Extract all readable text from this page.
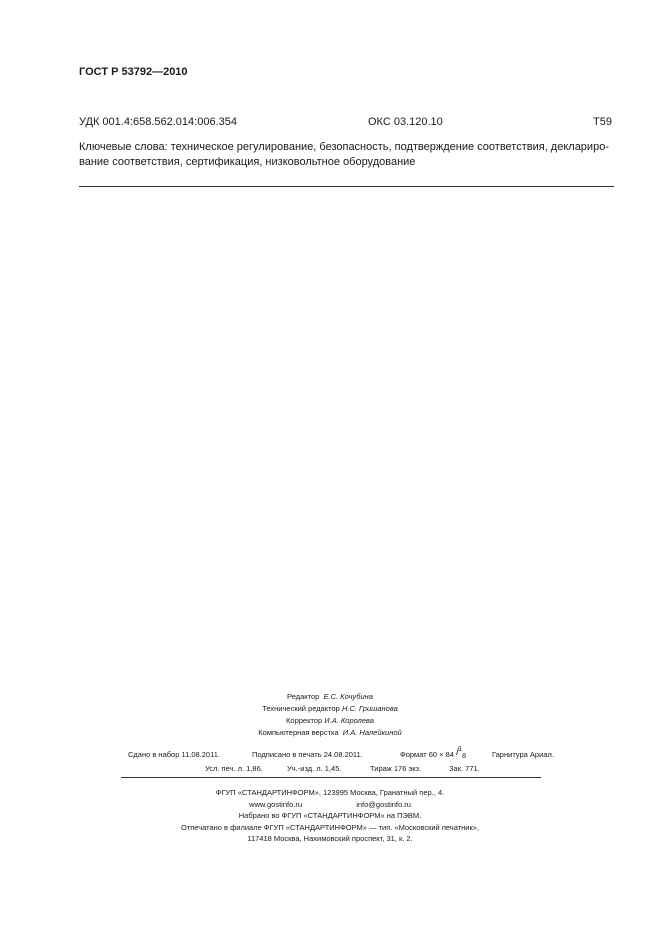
ГОСТ Р 53792—2010
УДК 001.4:658.562.014:006.354	ОКС 03.120.10	Т59
Ключевые слова: техническое регулирование, безопасность, подтверждение соответствия, деклариро-
вание соответствия, сертификация, низковольтное оборудование
Редактор Е.С. Кочубина
Технический редактор Н.С. Гришанова
Корректор И.А. Королева
Компьютерная верстка И.А. Налейкиной
Сдано в набор 11.08.2011.	Подписано в печать 24.08.2011.	Формат 60 × 84
1
/ 8	Гарнитура Ариал.
Усл. печ. л. 1,86.	Уч.-изд. л. 1,45.	Тираж 176 экз.	Зак. 771.
ФГУП «СТАНДАРТИНФОРМ», 123995 Москва, Гранатный пер., 4.
www.gostinfo.ru	info@gostinfo.ru
Набрано во ФГУП «СТАНДАРТИНФОРМ» на ПЭВМ.
Отпечатано в филиале ФГУП «СТАНДАРТИНФОРМ» — тип. «Московский печатник»,
117418 Москва, Нахимовский проспект, 31, к. 2.
